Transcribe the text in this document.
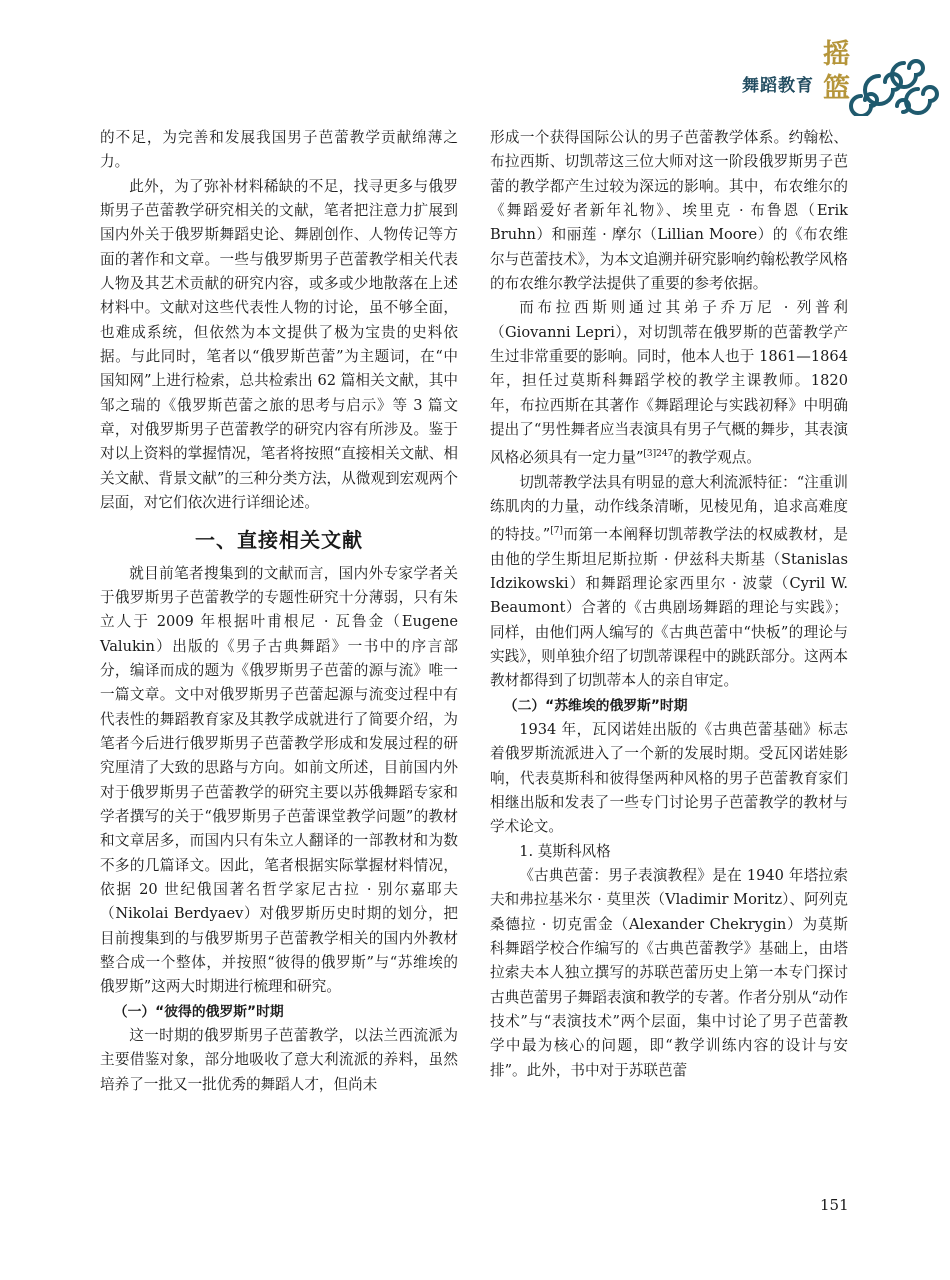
舞蹈教育
摇
篮

的不足，为完善和发展我国男子芭蕾教学贡献绵薄之力。

此外，为了弥补材料稀缺的不足，找寻更多与俄罗斯男子芭蕾教学研究相关的文献，笔者把注意力扩展到国内外关于俄罗斯舞蹈史论、舞剧创作、人物传记等方面的著作和文章。一些与俄罗斯男子芭蕾教学相关代表人物及其艺术贡献的研究内容，或多或少地散落在上述材料中。文献对这些代表性人物的讨论，虽不够全面，也难成系统，但依然为本文提供了极为宝贵的史料依据。与此同时，笔者以“俄罗斯芭蕾”为主题词，在“中国知网”上进行检索，总共检索出 62 篇相关文献，其中邹之瑞的《俄罗斯芭蕾之旅的思考与启示》等 3 篇文章，对俄罗斯男子芭蕾教学的研究内容有所涉及。鉴于对以上资料的掌握情况，笔者将按照“直接相关文献、相关文献、背景文献”的三种分类方法，从微观到宏观两个层面，对它们依次进行详细论述。

一、直接相关文献

就目前笔者搜集到的文献而言，国内外专家学者关于俄罗斯男子芭蕾教学的专题性研究十分薄弱，只有朱立人于 2009 年根据叶甫根尼 · 瓦鲁金（Eugene Valukin）出版的《男子古典舞蹈》一书中的序言部分，编译而成的题为《俄罗斯男子芭蕾的源与流》唯一一篇文章。文中对俄罗斯男子芭蕾起源与流变过程中有代表性的舞蹈教育家及其教学成就进行了简要介绍，为笔者今后进行俄罗斯男子芭蕾教学形成和发展过程的研究厘清了大致的思路与方向。如前文所述，目前国内外对于俄罗斯男子芭蕾教学的研究主要以苏俄舞蹈专家和学者撰写的关于“俄罗斯男子芭蕾课堂教学问题”的教材和文章居多，而国内只有朱立人翻译的一部教材和为数不多的几篇译文。因此，笔者根据实际掌握材料情况，依据 20 世纪俄国著名哲学家尼古拉 · 别尔嘉耶夫（Nikolai Berdyaev）对俄罗斯历史时期的划分，把目前搜集到的与俄罗斯男子芭蕾教学相关的国内外教材整合成一个整体，并按照“彼得的俄罗斯”与“苏维埃的俄罗斯”这两大时期进行梳理和研究。

（一）“彼得的俄罗斯”时期

这一时期的俄罗斯男子芭蕾教学，以法兰西流派为主要借鉴对象，部分地吸收了意大利流派的养料，虽然培养了一批又一批优秀的舞蹈人才，但尚未

形成一个获得国际公认的男子芭蕾教学体系。约翰松、布拉西斯、切凯蒂这三位大师对这一阶段俄罗斯男子芭蕾的教学都产生过较为深远的影响。其中，布农维尔的《舞蹈爱好者新年礼物》、埃里克 · 布鲁恩（Erik Bruhn）和丽莲 · 摩尔（Lillian Moore）的《布农维尔与芭蕾技术》，为本文追溯并研究影响约翰松教学风格的布农维尔教学法提供了重要的参考依据。

而布拉西斯则通过其弟子乔万尼 · 列普利（Giovanni Lepri），对切凯蒂在俄罗斯的芭蕾教学产生过非常重要的影响。同时，他本人也于 1861—1864 年，担任过莫斯科舞蹈学校的教学主课教师。1820 年，布拉西斯在其著作《舞蹈理论与实践初释》中明确提出了“男性舞者应当表演具有男子气概的舞步，其表演风格必须具有一定力量”$^{[3]247}$的教学观点。

切凯蒂教学法具有明显的意大利流派特征：“注重训练肌肉的力量，动作线条清晰，见棱见角，追求高难度的特技。”[7]而第一本阐释切凯蒂教学法的权威教材，是由他的学生斯坦尼斯拉斯 · 伊兹科夫斯基（Stanislas Idzikowski）和舞蹈理论家西里尔 · 波蒙（Cyril W. Beaumont）合著的《古典剧场舞蹈的理论与实践》；同样，由他们两人编写的《古典芭蕾中“快板”的理论与实践》，则单独介绍了切凯蒂课程中的跳跃部分。这两本教材都得到了切凯蒂本人的亲自审定。

（二）“苏维埃的俄罗斯”时期

1934 年，瓦冈诺娃出版的《古典芭蕾基础》标志着俄罗斯流派进入了一个新的发展时期。受瓦冈诺娃影响，代表莫斯科和彼得堡两种风格的男子芭蕾教育家们相继出版和发表了一些专门讨论男子芭蕾教学的教材与学术论文。

1. 莫斯科风格

《古典芭蕾：男子表演教程》是在 1940 年塔拉索夫和弗拉基米尔 · 莫里茨（Vladimir Moritz）、阿列克桑德拉 · 切克雷金（Alexander Chekrygin）为莫斯科舞蹈学校合作编写的《古典芭蕾教学》基础上，由塔拉索夫本人独立撰写的苏联芭蕾历史上第一本专门探讨古典芭蕾男子舞蹈表演和教学的专著。作者分别从“动作技术”与“表演技术”两个层面，集中讨论了男子芭蕾教学中最为核心的问题，即“教学训练内容的设计与安排”。此外，书中对于苏联芭蕾

151
